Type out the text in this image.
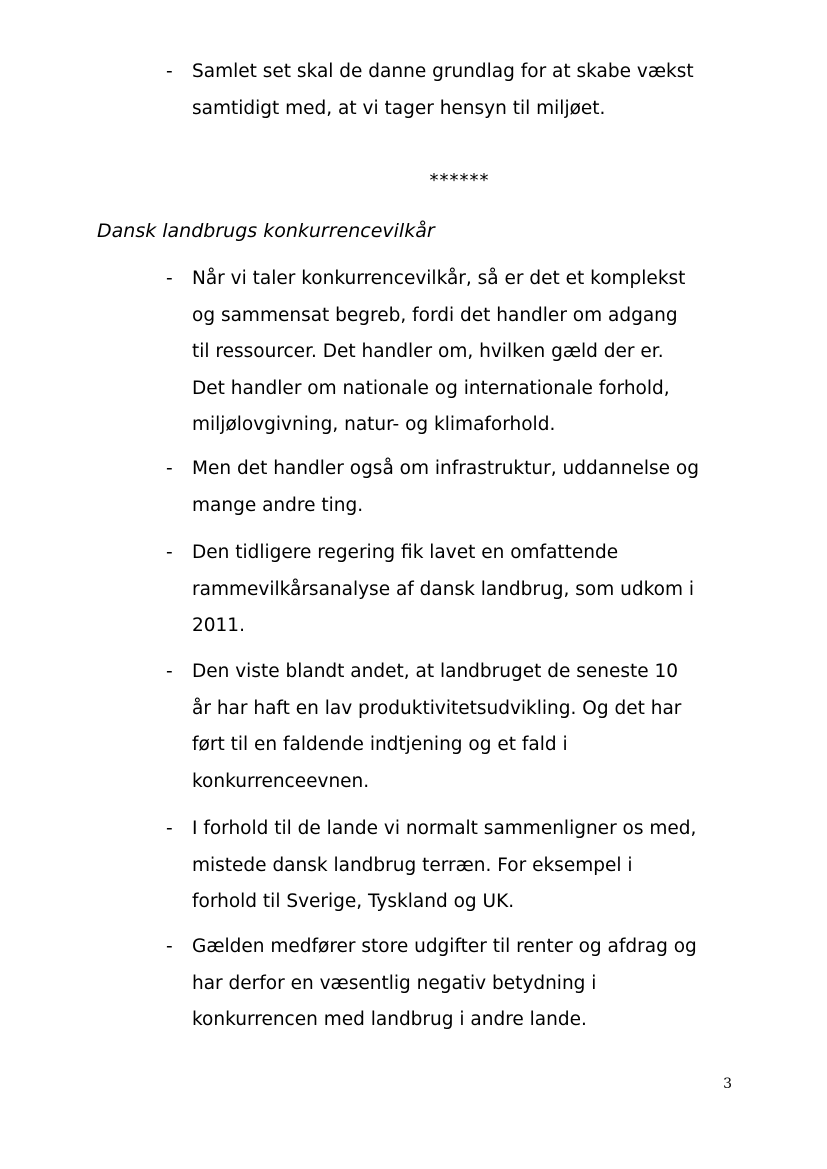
-	Samlet set skal de danne grundlag for at skabe vækst
samtidigt med, at vi tager hensyn til miljøet.
******
Dansk landbrugs konkurrencevilkår
-	Når vi taler konkurrencevilkår, så er det et komplekst
og sammensat begreb, fordi det handler om adgang
til ressourcer. Det handler om, hvilken gæld der er.
Det handler om nationale og internationale forhold,
miljølovgivning, natur- og klimaforhold.
-	Men det handler også om infrastruktur, uddannelse og
mange andre ting.
-	Den tidligere regering fik lavet en omfattende
rammevilkårsanalyse af dansk landbrug, som udkom i
2011.
-	Den viste blandt andet, at landbruget de seneste 10
år har haft en lav produktivitetsudvikling. Og det har
ført til en faldende indtjening og et fald i
konkurrenceevnen.
-	I forhold til de lande vi normalt sammenligner os med,
mistede dansk landbrug terræn. For eksempel i
forhold til Sverige, Tyskland og UK.
-	Gælden medfører store udgifter til renter og afdrag og
har derfor en væsentlig negativ betydning i
konkurrencen med landbrug i andre lande.
3
